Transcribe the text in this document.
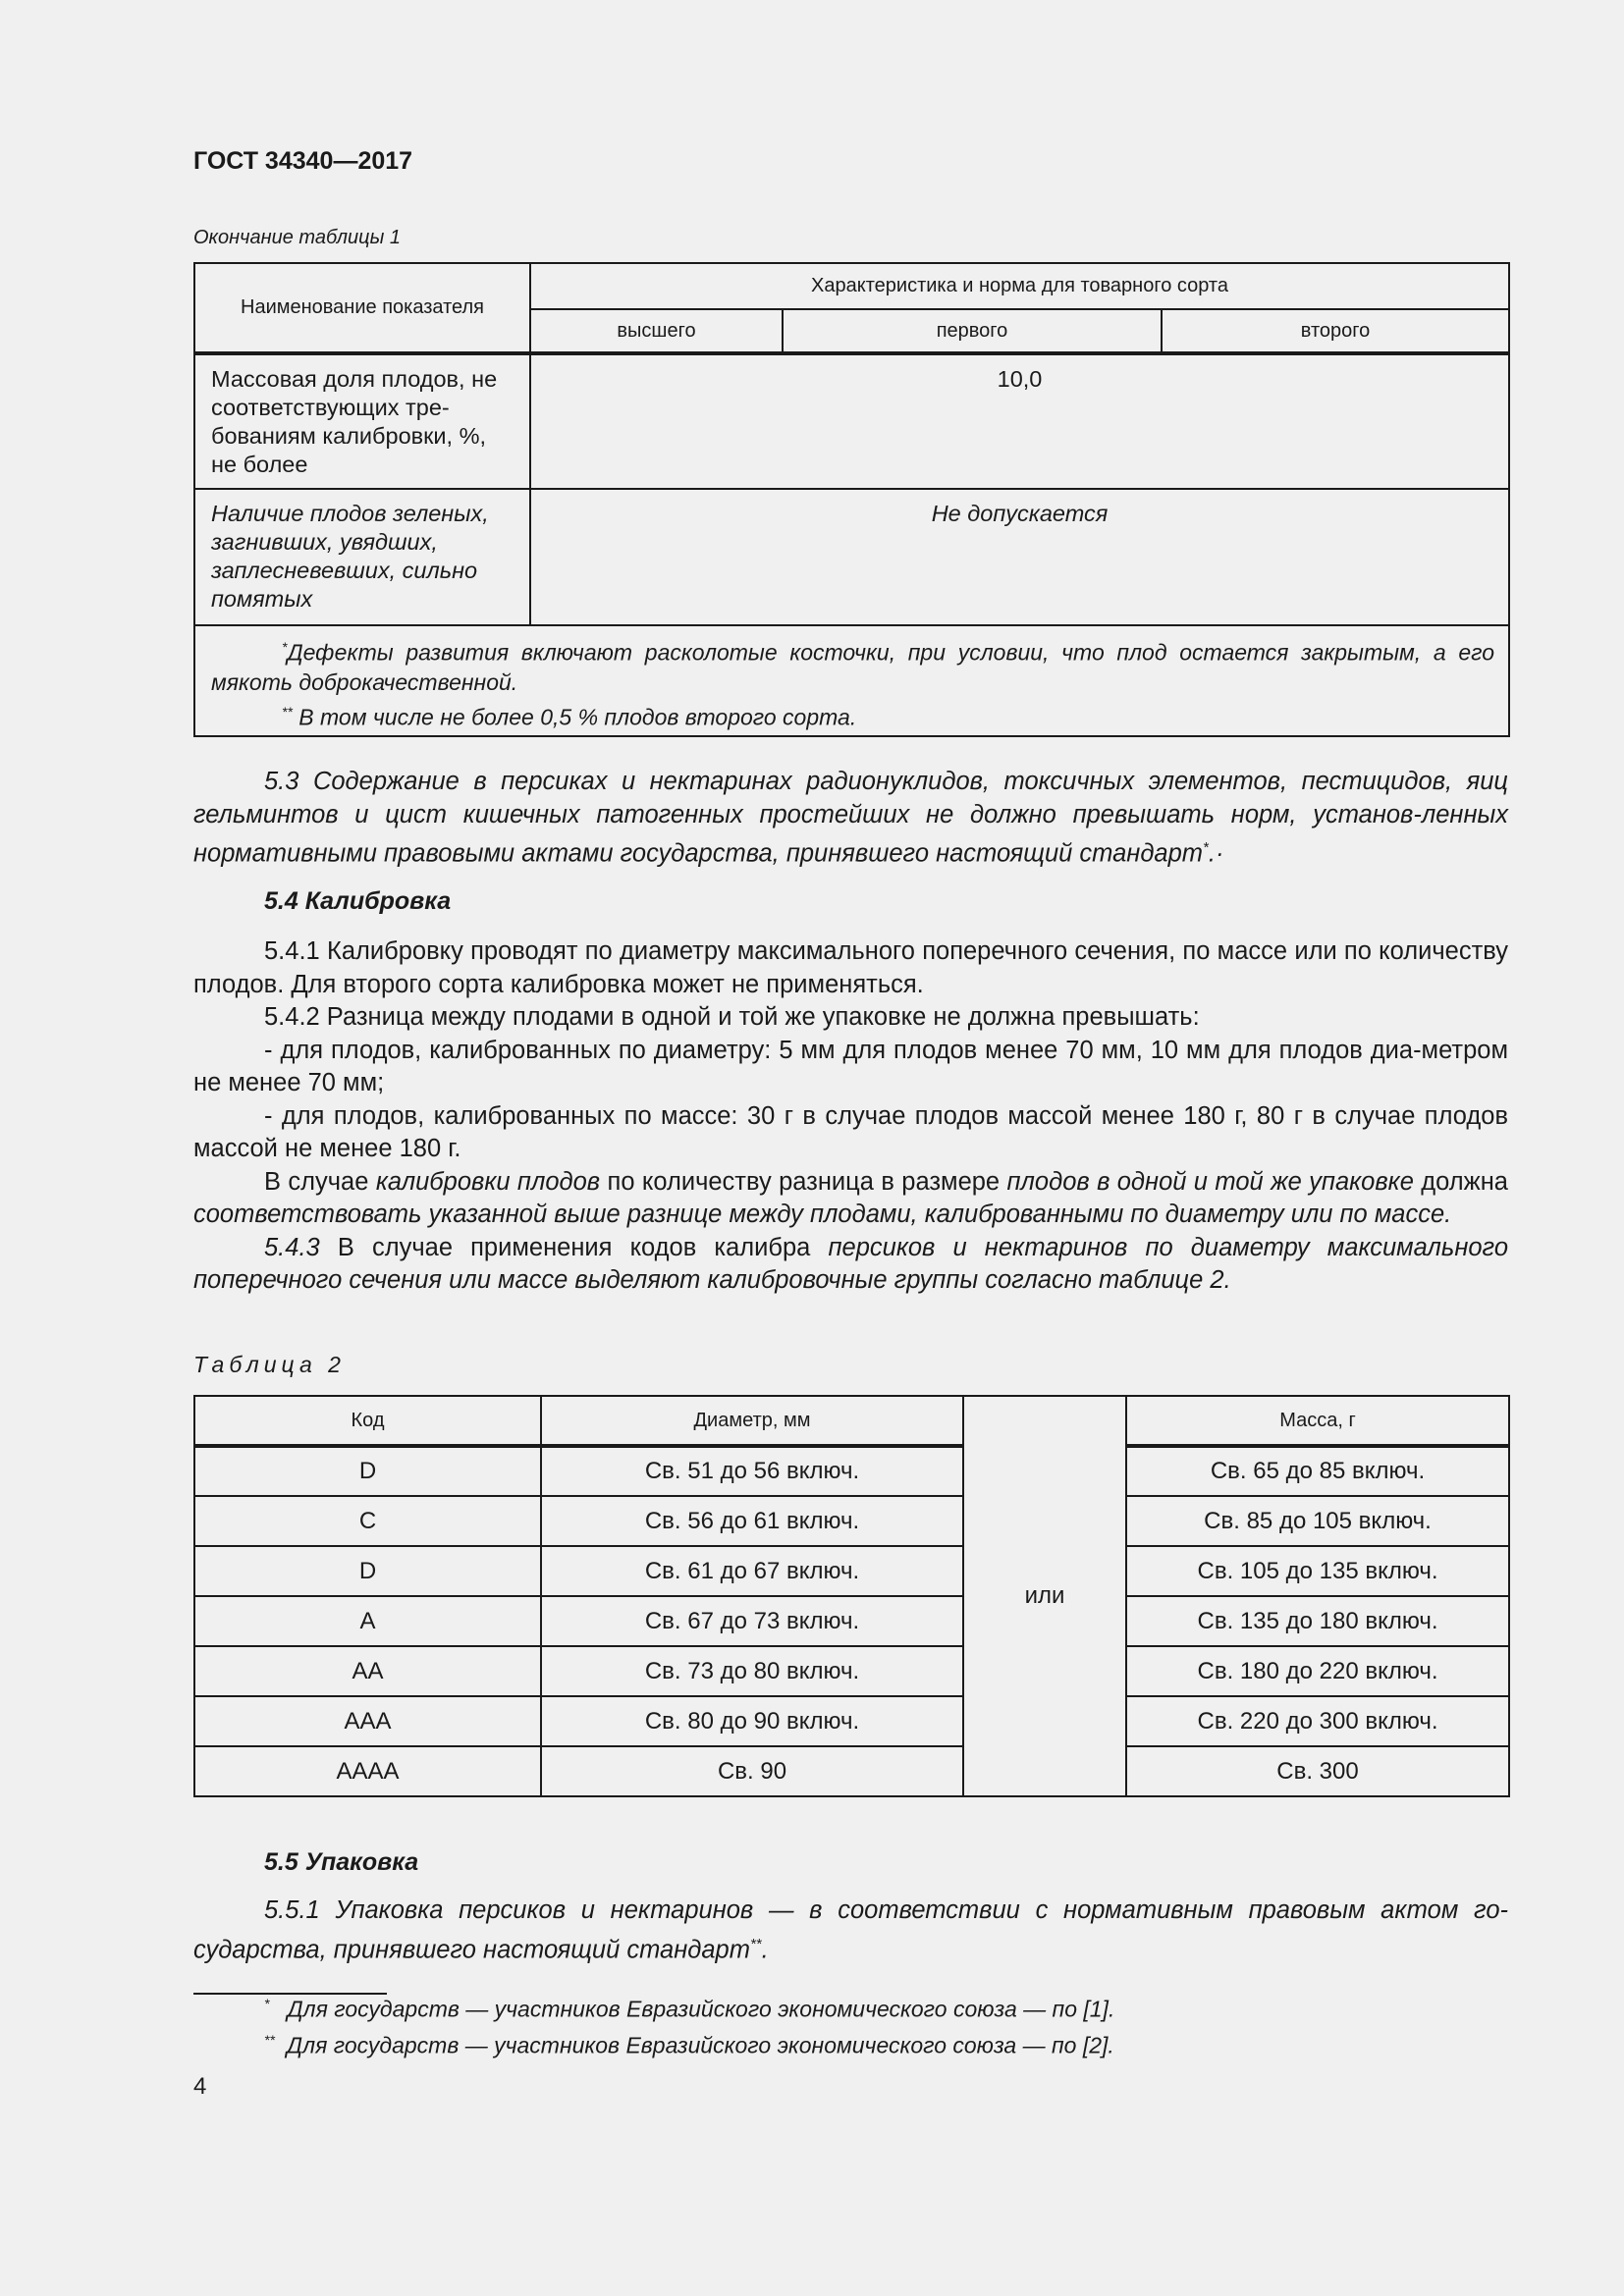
ГОСТ 34340—2017
Окончание таблицы 1
Наименование показателя	Характеристика и норма для товарного сорта		
	высшего	первого	второго
Массовая доля плодов, не соответствующих тре-бованиям калибровки, %, не более	10,0		
Наличие плодов зеленых, загнивших, увядших, заплесневевших, сильно помятых	Не допускается		

*Дефекты развития включают расколотые косточки, при условии, что плод остается закрытым, а его мякоть доброкачественной.

** В том числе не более 0,5 % плодов второго сорта.			

5.3 Содержание в персиках и нектаринах радионуклидов, токсичных элементов, пестицидов, яиц гельминтов и цист кишечных патогенных простейших не должно превышать норм, установ-ленных нормативными правовыми актами государства, принявшего настоящий стандарт*.·

5.4 Калибровка

5.4.1 Калибровку проводят по диаметру максимального поперечного сечения, по массе или по количеству плодов. Для второго сорта калибровка может не применяться.

5.4.2 Разница между плодами в одной и той же упаковке не должна превышать:

- для плодов, калиброванных по диаметру: 5 мм для плодов менее 70 мм, 10 мм для плодов диа-метром не менее 70 мм;

- для плодов, калиброванных по массе: 30 г в случае плодов массой менее 180 г, 80 г в случае плодов массой не менее 180 г.

В случае калибровки плодов по количеству разница в размере плодов в одной и той же упаковке должна соответствовать указанной выше разнице между плодами, калиброванными по диаметру или по массе.

5.4.3 В случае применения кодов калибра персиков и нектаринов по диаметру максимального поперечного сечения или массе выделяют калибровочные группы согласно таблице 2.

Таблица 2
Код	Диаметр, мм	или	Масса, г
D	Св. 51 до 56 включ.		Св. 65 до 85 включ.
C	Св. 56 до 61 включ.		Св. 85 до 105 включ.
D	Св. 61 до 67 включ.		Св. 105 до 135 включ.
A	Св. 67 до 73 включ.		Св. 135 до 180 включ.
AA	Св. 73 до 80 включ.		Св. 180 до 220 включ.
AAA	Св. 80 до 90 включ.		Св. 220 до 300 включ.
AAAA	Св. 90		Св. 300
5.5 Упаковка

5.5.1 Упаковка персиков и нектаринов — в соответствии с нормативным правовым актом го-сударства, принявшего настоящий стандарт**.

* Для государств — участников Евразийского экономического союза — по [1].
** Для государств — участников Евразийского экономического союза — по [2].
4
